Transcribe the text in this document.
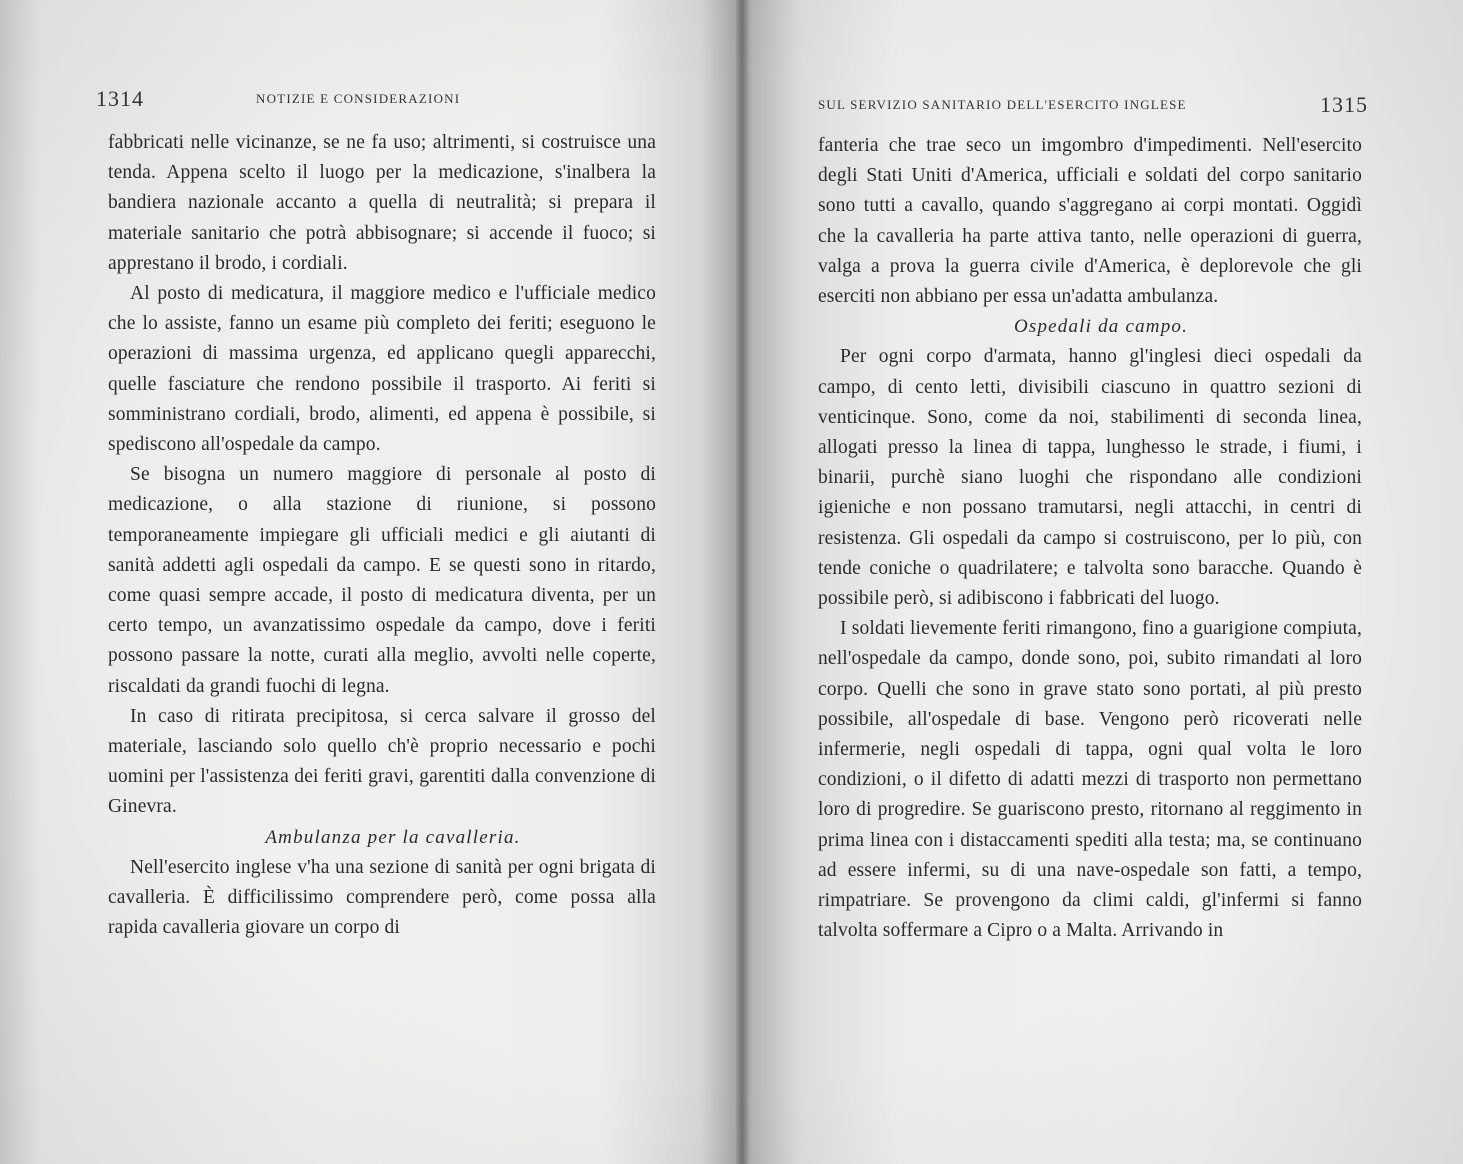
1314	NOTIZIE E CONSIDERAZIONI

fabbricati nelle vicinanze, se ne fa uso; altrimenti, si costruisce una tenda. Appena scelto il luogo per la medicazione, s'inalbera la bandiera nazionale accanto a quella di neutralità; si prepara il materiale sanitario che potrà abbisognare; si accende il fuoco; si apprestano il brodo, i cordiali.

Al posto di medicatura, il maggiore medico e l'ufficiale medico che lo assiste, fanno un esame più completo dei feriti; eseguono le operazioni di massima urgenza, ed applicano quegli apparecchi, quelle fasciature che rendono possibile il trasporto. Ai feriti si somministrano cordiali, brodo, alimenti, ed appena è possibile, si spediscono all'ospedale da campo.

Se bisogna un numero maggiore di personale al posto di medicazione, o alla stazione di riunione, si possono temporaneamente impiegare gli ufficiali medici e gli aiutanti di sanità addetti agli ospedali da campo. E se questi sono in ritardo, come quasi sempre accade, il posto di medicatura diventa, per un certo tempo, un avanzatissimo ospedale da campo, dove i feriti possono passare la notte, curati alla meglio, avvolti nelle coperte, riscaldati da grandi fuochi di legna.

In caso di ritirata precipitosa, si cerca salvare il grosso del materiale, lasciando solo quello ch'è proprio necessario e pochi uomini per l'assistenza dei feriti gravi, garentiti dalla convenzione di Ginevra.

Ambulanza per la cavalleria.

Nell'esercito inglese v'ha una sezione di sanità per ogni brigata di cavalleria. È difficilissimo comprendere però, come possa alla rapida cavalleria giovare un corpo di

SUL SERVIZIO SANITARIO DELL'ESERCITO INGLESE	1315

fanteria che trae seco un imgombro d'impedimenti. Nell'esercito degli Stati Uniti d'America, ufficiali e soldati del corpo sanitario sono tutti a cavallo, quando s'aggregano ai corpi montati. Oggidì che la cavalleria ha parte attiva tanto, nelle operazioni di guerra, valga a prova la guerra civile d'America, è deplorevole che gli eserciti non abbiano per essa un'adatta ambulanza.

Ospedali da campo.

Per ogni corpo d'armata, hanno gl'inglesi dieci ospedali da campo, di cento letti, divisibili ciascuno in quattro sezioni di venticinque. Sono, come da noi, stabilimenti di seconda linea, allogati presso la linea di tappa, lunghesso le strade, i fiumi, i binarii, purchè siano luoghi che rispondano alle condizioni igieniche e non possano tramutarsi, negli attacchi, in centri di resistenza. Gli ospedali da campo si costruiscono, per lo più, con tende coniche o quadrilatere; e talvolta sono baracche. Quando è possibile però, si adibiscono i fabbricati del luogo.

I soldati lievemente feriti rimangono, fino a guarigione compiuta, nell'ospedale da campo, donde sono, poi, subito rimandati al loro corpo. Quelli che sono in grave stato sono portati, al più presto possibile, all'ospedale di base. Vengono però ricoverati nelle infermerie, negli ospedali di tappa, ogni qual volta le loro condizioni, o il difetto di adatti mezzi di trasporto non permettano loro di progredire. Se guariscono presto, ritornano al reggimento in prima linea con i distaccamenti spediti alla testa; ma, se continuano ad essere infermi, su di una nave-ospedale son fatti, a tempo, rimpatriare. Se provengono da climi caldi, gl'infermi si fanno talvolta soffermare a Cipro o a Malta. Arrivando in
